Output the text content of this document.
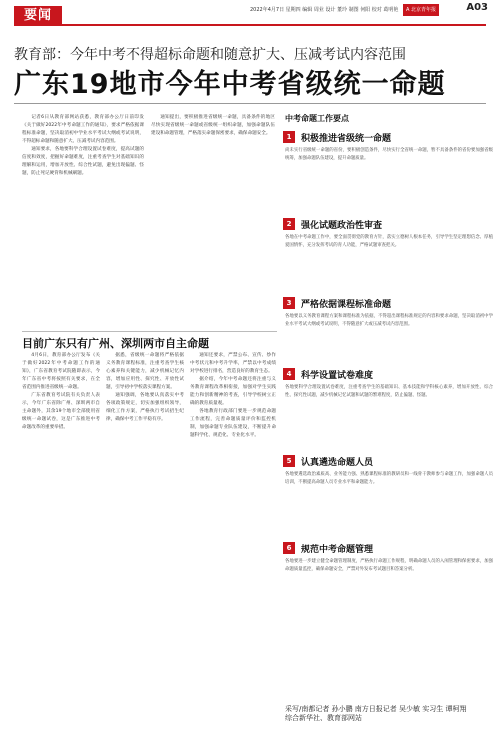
要闻	2022年4月7日 星期四 编辑 周业 设计 董玲 制图 何阳 校对 葛明艳 A 北京青年报	A03
教育部：今年中考不得超标命题和随意扩大、压减考试内容范围
广东19地市今年中考省级统一命题

记者6日从教育部网站获悉，教育部办公厅日前印发《关于做好2022年中考命题工作的通知》，要求严格依据课程标准命题，坚决取消初中学业水平考试大纲或考试说明，不得超标命题和随意扩大、压减考试内容范围。

通知要求，各地要科学合理设置试卷难度，提高试题的信度和效度，把握好命题难度，注重考查学生对基础知识的理解和运用，增加开放性、综合性试题，避免出现偏题、怪题，防止死记硬背和机械刷题。

通知提出，要积极推进省级统一命题，具备条件的地区尽快实现省级统一命题或省级统一组织命题，加强命题队伍建设和命题管理，严格落实命题保密要求，确保命题安全。

目前广东只有广州、深圳两市自主命题

4月6日，教育部办公厅发布《关于做好2022年中考命题工作的通知》，广东省教育考试院随即表示，今年广东省中考将按照有关要求，在全省范围内推进省级统一命题。

广东省教育考试院有关负责人表示，今年广东省除广州、深圳两市自主命题外，其余19个地市全部使用省级统一命题试卷，这是广东推进中考命题改革的重要举措。

据悉，省级统一命题将严格依据义务教育课程标准，注重考查学生核心素养和关键能力，减少机械记忆内容，增加应用性、探究性、开放性试题，引导初中学校落实课程方案。

通知强调，各地要认真落实中考各项政策规定，切实加强组织领导，细化工作方案，严格执行考试招生纪律，确保中考工作平稳有序。

通知还要求，严禁公布、宣传、炒作中考状元和中考升学率，严禁以中考成绩对学校进行排名，营造良好的教育生态。

据介绍，今年中考命题还将注重与义务教育课程改革相衔接，加强对学生实践能力和创新精神的考查，引导学校树立正确的教育质量观。

各地教育行政部门要进一步规范命题工作流程，完善命题质量评价和监控机制，加强命题专业队伍建设，不断提升命题科学化、规范化、专业化水平。

中考命题工作要点
1	积极推进省级统一命题
尚未实行省级统一命题的省份，要积极创造条件，尽快实行全省统一命题，暂不具备条件的省份要加强省级统筹，加强命题队伍建设，提升命题质量。
2	强化试题政治性审查
各地在中考命题工作中，要全面贯彻党的教育方针，落实立德树人根本任务，引导学生坚定理想信念、厚植爱国情怀，充分发挥考试的育人功能，严格试题审查把关。
3	严格依据课程标准命题
各地要以义务教育课程方案和课程标准为依据，不得超出课程标准规定的内容和要求命题，坚决取消初中学业水平考试大纲或考试说明，不得随意扩大或压减考试内容范围。
4	科学设置试卷难度
各地要科学合理设置试卷难度，注重考查学生的基础知识、基本技能和学科核心素养，增加开放性、综合性、探究性试题，减少机械记忆试题和试题的繁难程度，防止偏题、怪题。
5	认真遴选命题人员
各地要遴选政治素质高、业务能力强、熟悉课程标准的教研员和一线骨干教师参与命题工作，加强命题人员培训，不断提高命题人员专业水平和命题能力。
6	规范中考命题管理
各地要进一步建立健全命题管理制度，严格执行命题工作规程，明确命题人员的入闱管理和保密要求，加强命题质量监控，确保命题安全，严禁对外发布考试题目和答案分析。
采写/南都记者 孙小鹏 南方日报记者 吴少敏 实习生 谭柯翔
综合新华社、教育部网站
